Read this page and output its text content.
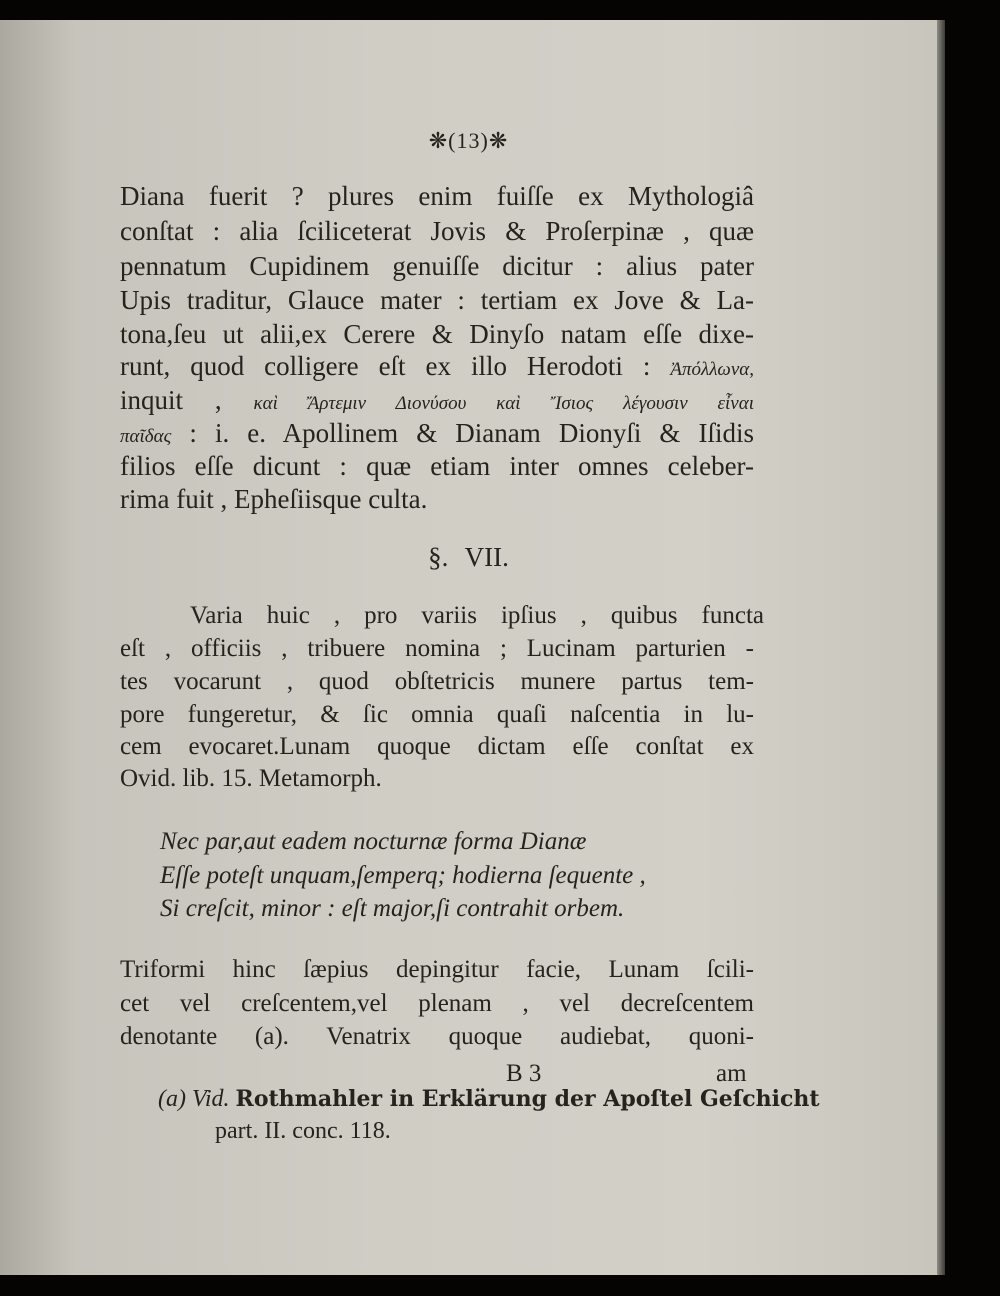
❋(13)❋
Diana fuerit ? plures enim fuiſſe ex Mythologiâ
conſtat : alia ſciliceterat Jovis & Proſerpinæ , quæ
pennatum Cupidinem genuiſſe dicitur : alius pater
Upis traditur, Glauce mater : tertiam ex Jove & La-
tona,ſeu ut alii,ex Cerere & Dinyſo natam eſſe dixe-
runt, quod colligere eſt ex illo Herodoti : Ἀπόλλωνα,
inquit , καὶ Ἄρτεμιν Διονύσου καὶ Ἴσιος λέγουσιν εἶναι
παῖδας : i. e. Apollinem & Dianam Dionyſi & Iſidis
filios eſſe dicunt : quæ etiam inter omnes celeber-
rima fuit , Epheſiisque culta.
§. VII.
Varia huic , pro variis ipſius , quibus functa
eſt , officiis , tribuere nomina ; Lucinam parturien -
tes vocarunt , quod obſtetricis munere partus tem-
pore fungeretur, & ſic omnia quaſi naſcentia in lu-
cem evocaret.Lunam quoque dictam eſſe conſtat ex
Ovid. lib. 15. Metamorph.
Nec par,aut eadem nocturnæ forma Dianæ
Eſſe poteſt unquam,ſemperq; hodierna ſequente ,
Si creſcit, minor : eſt major,ſi contrahit orbem.
Triformi hinc ſæpius depingitur facie, Lunam ſcili-
cet vel creſcentem,vel plenam , vel decreſcentem
denotante (a). Venatrix quoque audiebat, quoni-
B 3	am
(a) Vid. Rothmahler in Erklärung der Apoſtel Geſchicht
part. II. conc. 118.
